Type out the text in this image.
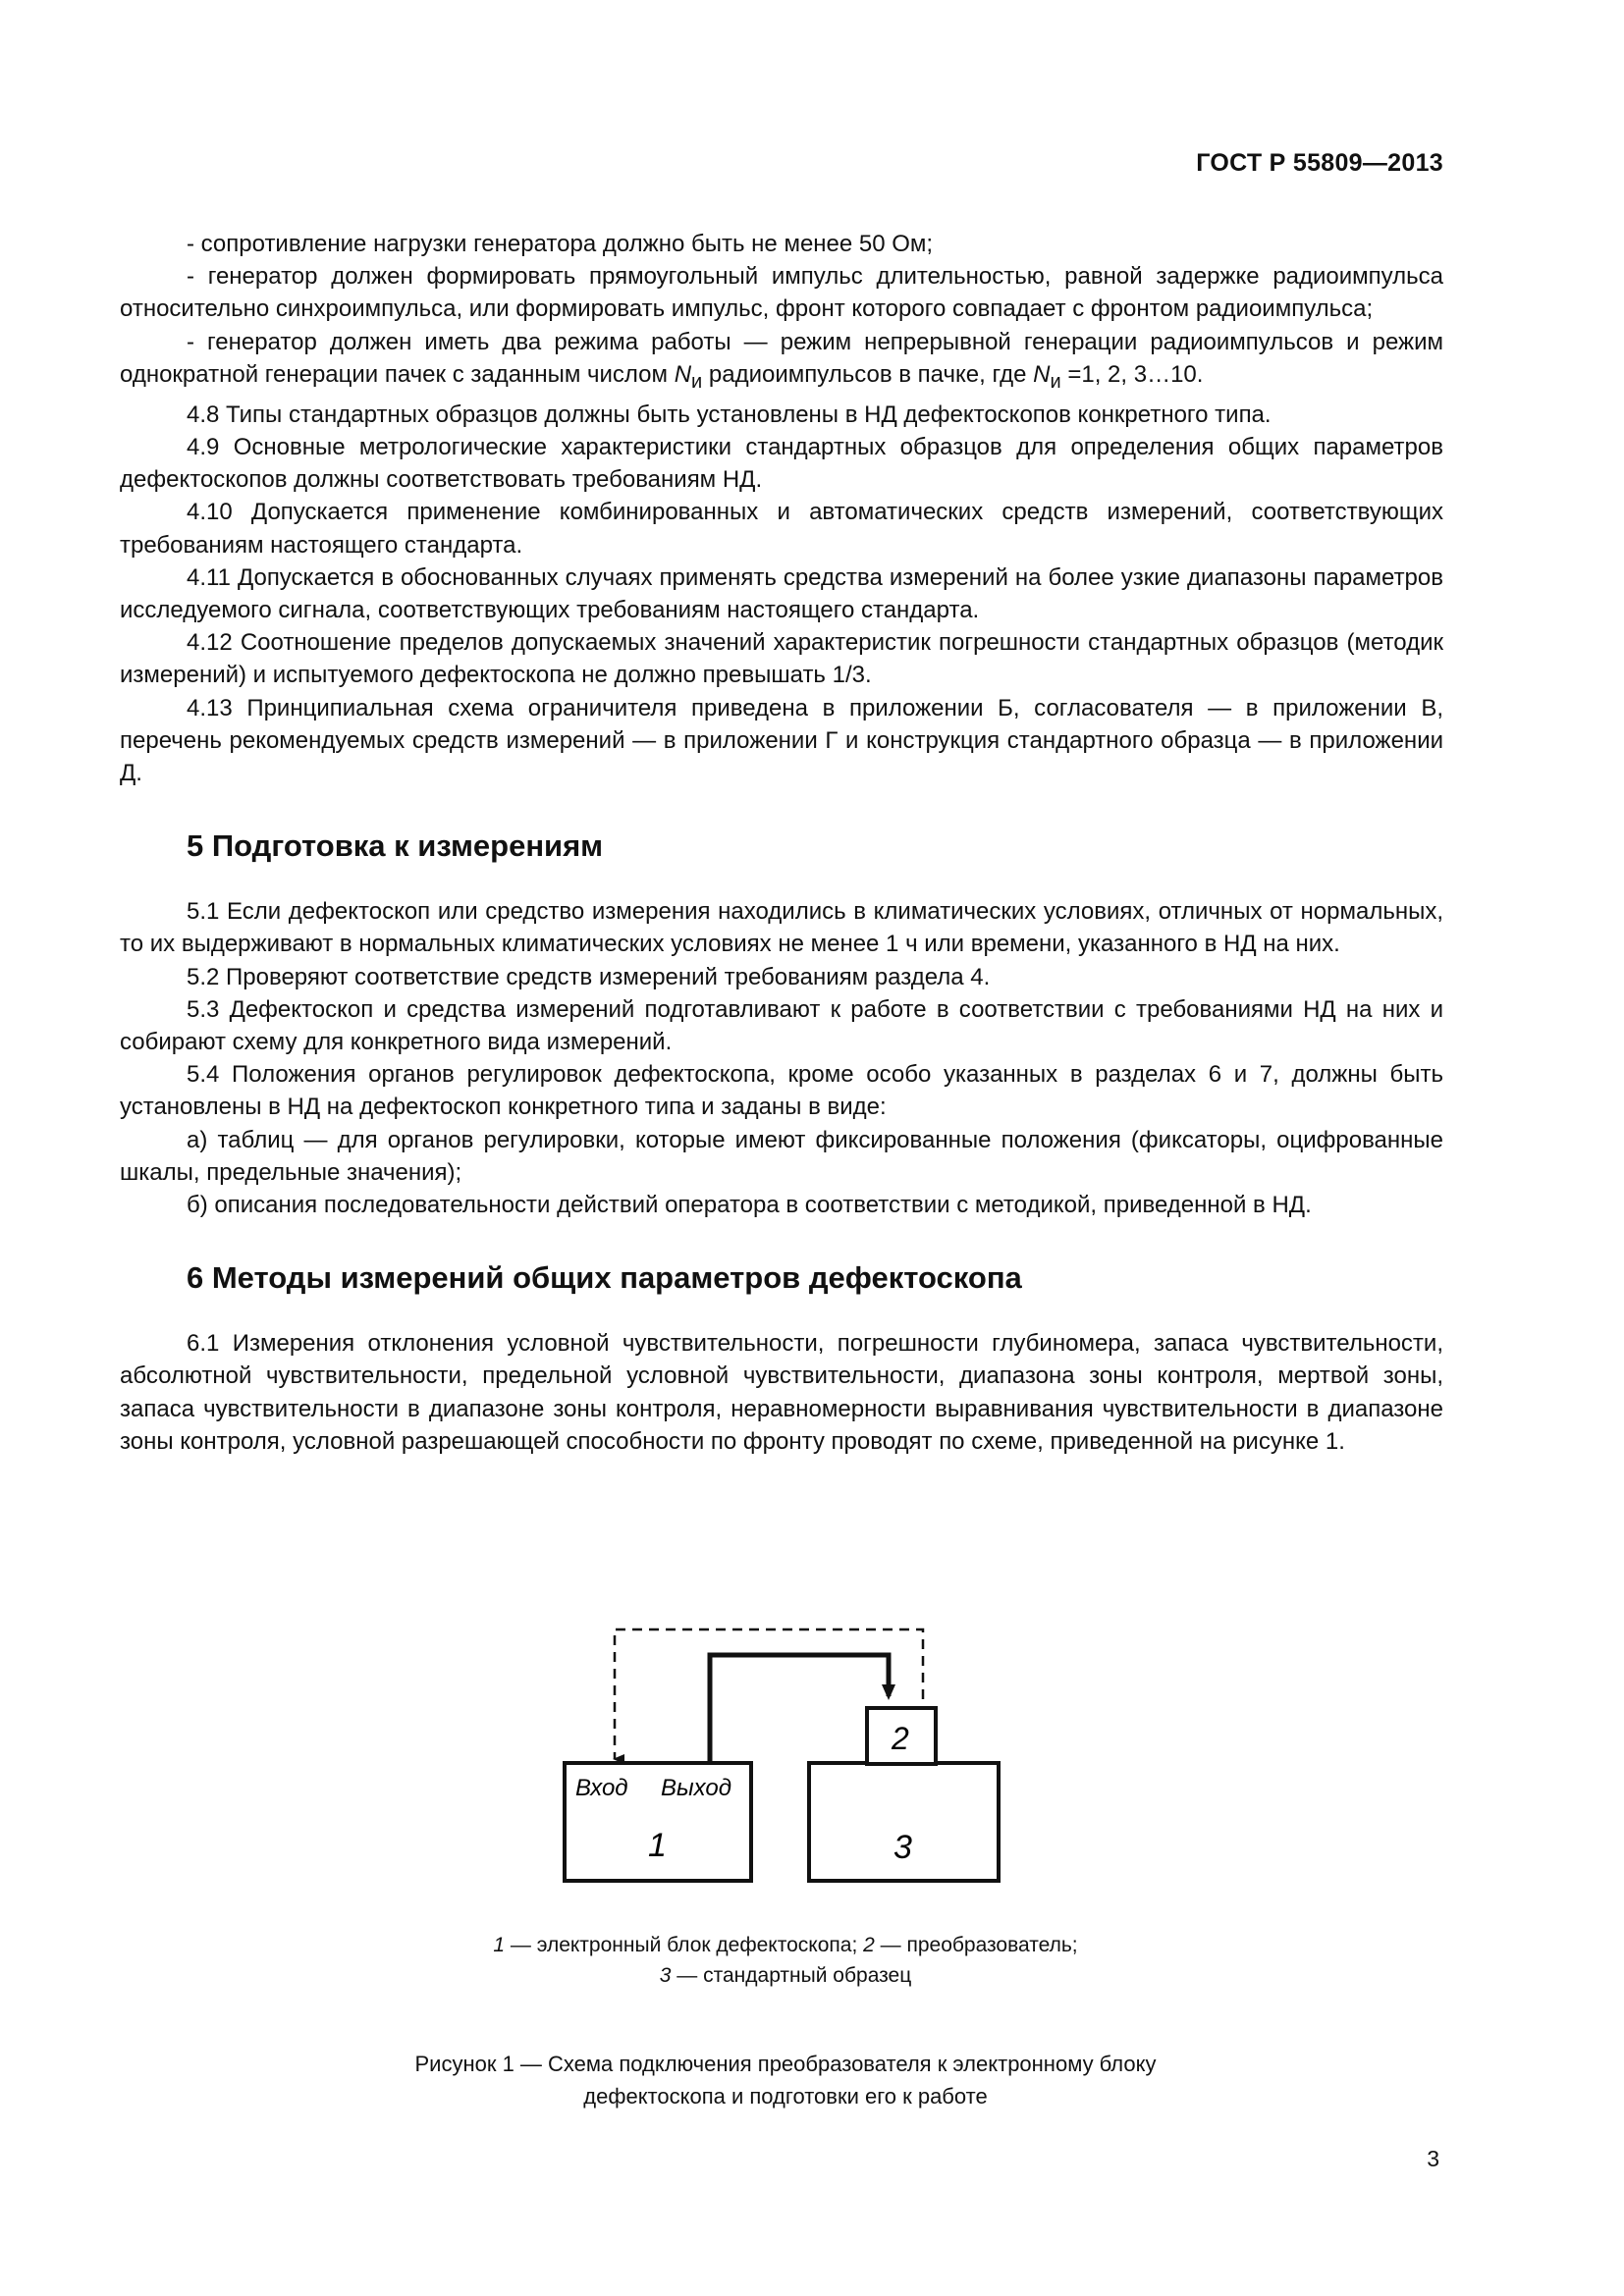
ГОСТ Р 55809—2013

- сопротивление нагрузки генератора должно быть не менее 50 Ом;

- генератор должен формировать прямоугольный импульс длительностью, равной задержке радиоимпульса относительно синхроимпульса, или формировать импульс, фронт которого совпадает с фронтом радиоимпульса;

- генератор должен иметь два режима работы — режим непрерывной генерации радиоимпульсов и режим однократной генерации пачек с заданным числом $N_и$ радиоимпульсов в пачке, где $N_и =1$, 2, 3…10.

4.8 Типы стандартных образцов должны быть установлены в НД дефектоскопов конкретного типа.

4.9 Основные метрологические характеристики стандартных образцов для определения общих параметров дефектоскопов должны соответствовать требованиям НД.

4.10 Допускается применение комбинированных и автоматических средств измерений, соответствующих требованиям настоящего стандарта.

4.11 Допускается в обоснованных случаях применять средства измерений на более узкие диапазоны параметров исследуемого сигнала, соответствующих требованиям настоящего стандарта.

4.12 Соотношение пределов допускаемых значений характеристик погрешности стандартных образцов (методик измерений) и испытуемого дефектоскопа не должно превышать 1/3.

4.13 Принципиальная схема ограничителя приведена в приложении Б, согласователя — в приложении В, перечень рекомендуемых средств измерений — в приложении Г и конструкция стандартного образца — в приложении Д.

5 Подготовка к измерениям

5.1 Если дефектоскоп или средство измерения находились в климатических условиях, отличных от нормальных, то их выдерживают в нормальных климатических условиях не менее 1 ч или времени, указанного в НД на них.

5.2 Проверяют соответствие средств измерений требованиям раздела 4.

5.3 Дефектоскоп и средства измерений подготавливают к работе в соответствии с требованиями НД на них и собирают схему для конкретного вида измерений.

5.4 Положения органов регулировок дефектоскопа, кроме особо указанных в разделах 6 и 7, должны быть установлены в НД на дефектоскоп конкретного типа и заданы в виде:

а) таблиц — для органов регулировки, которые имеют фиксированные положения (фиксаторы, оцифрованные шкалы, предельные значения);

б) описания последовательности действий оператора в соответствии с методикой, приведенной в НД.

6 Методы измерений общих параметров дефектоскопа

6.1 Измерения отклонения условной чувствительности, погрешности глубиномера, запаса чувствительности, абсолютной чувствительности, предельной условной чувствительности, диапазона зоны контроля, мертвой зоны, запаса чувствительности в диапазоне зоны контроля, неравномерности выравнивания чувствительности в диапазоне зоны контроля, условной разрешающей способности по фронту проводят по схеме, приведенной на рисунке 1.

Вход Выход
1	3
2
1 — электронный блок дефектоскопа; 2 — преобразователь;
3 — стандартный образец
Рисунок 1 — Схема подключения преобразователя к электронному блоку
дефектоскопа и подготовки его к работе
3
